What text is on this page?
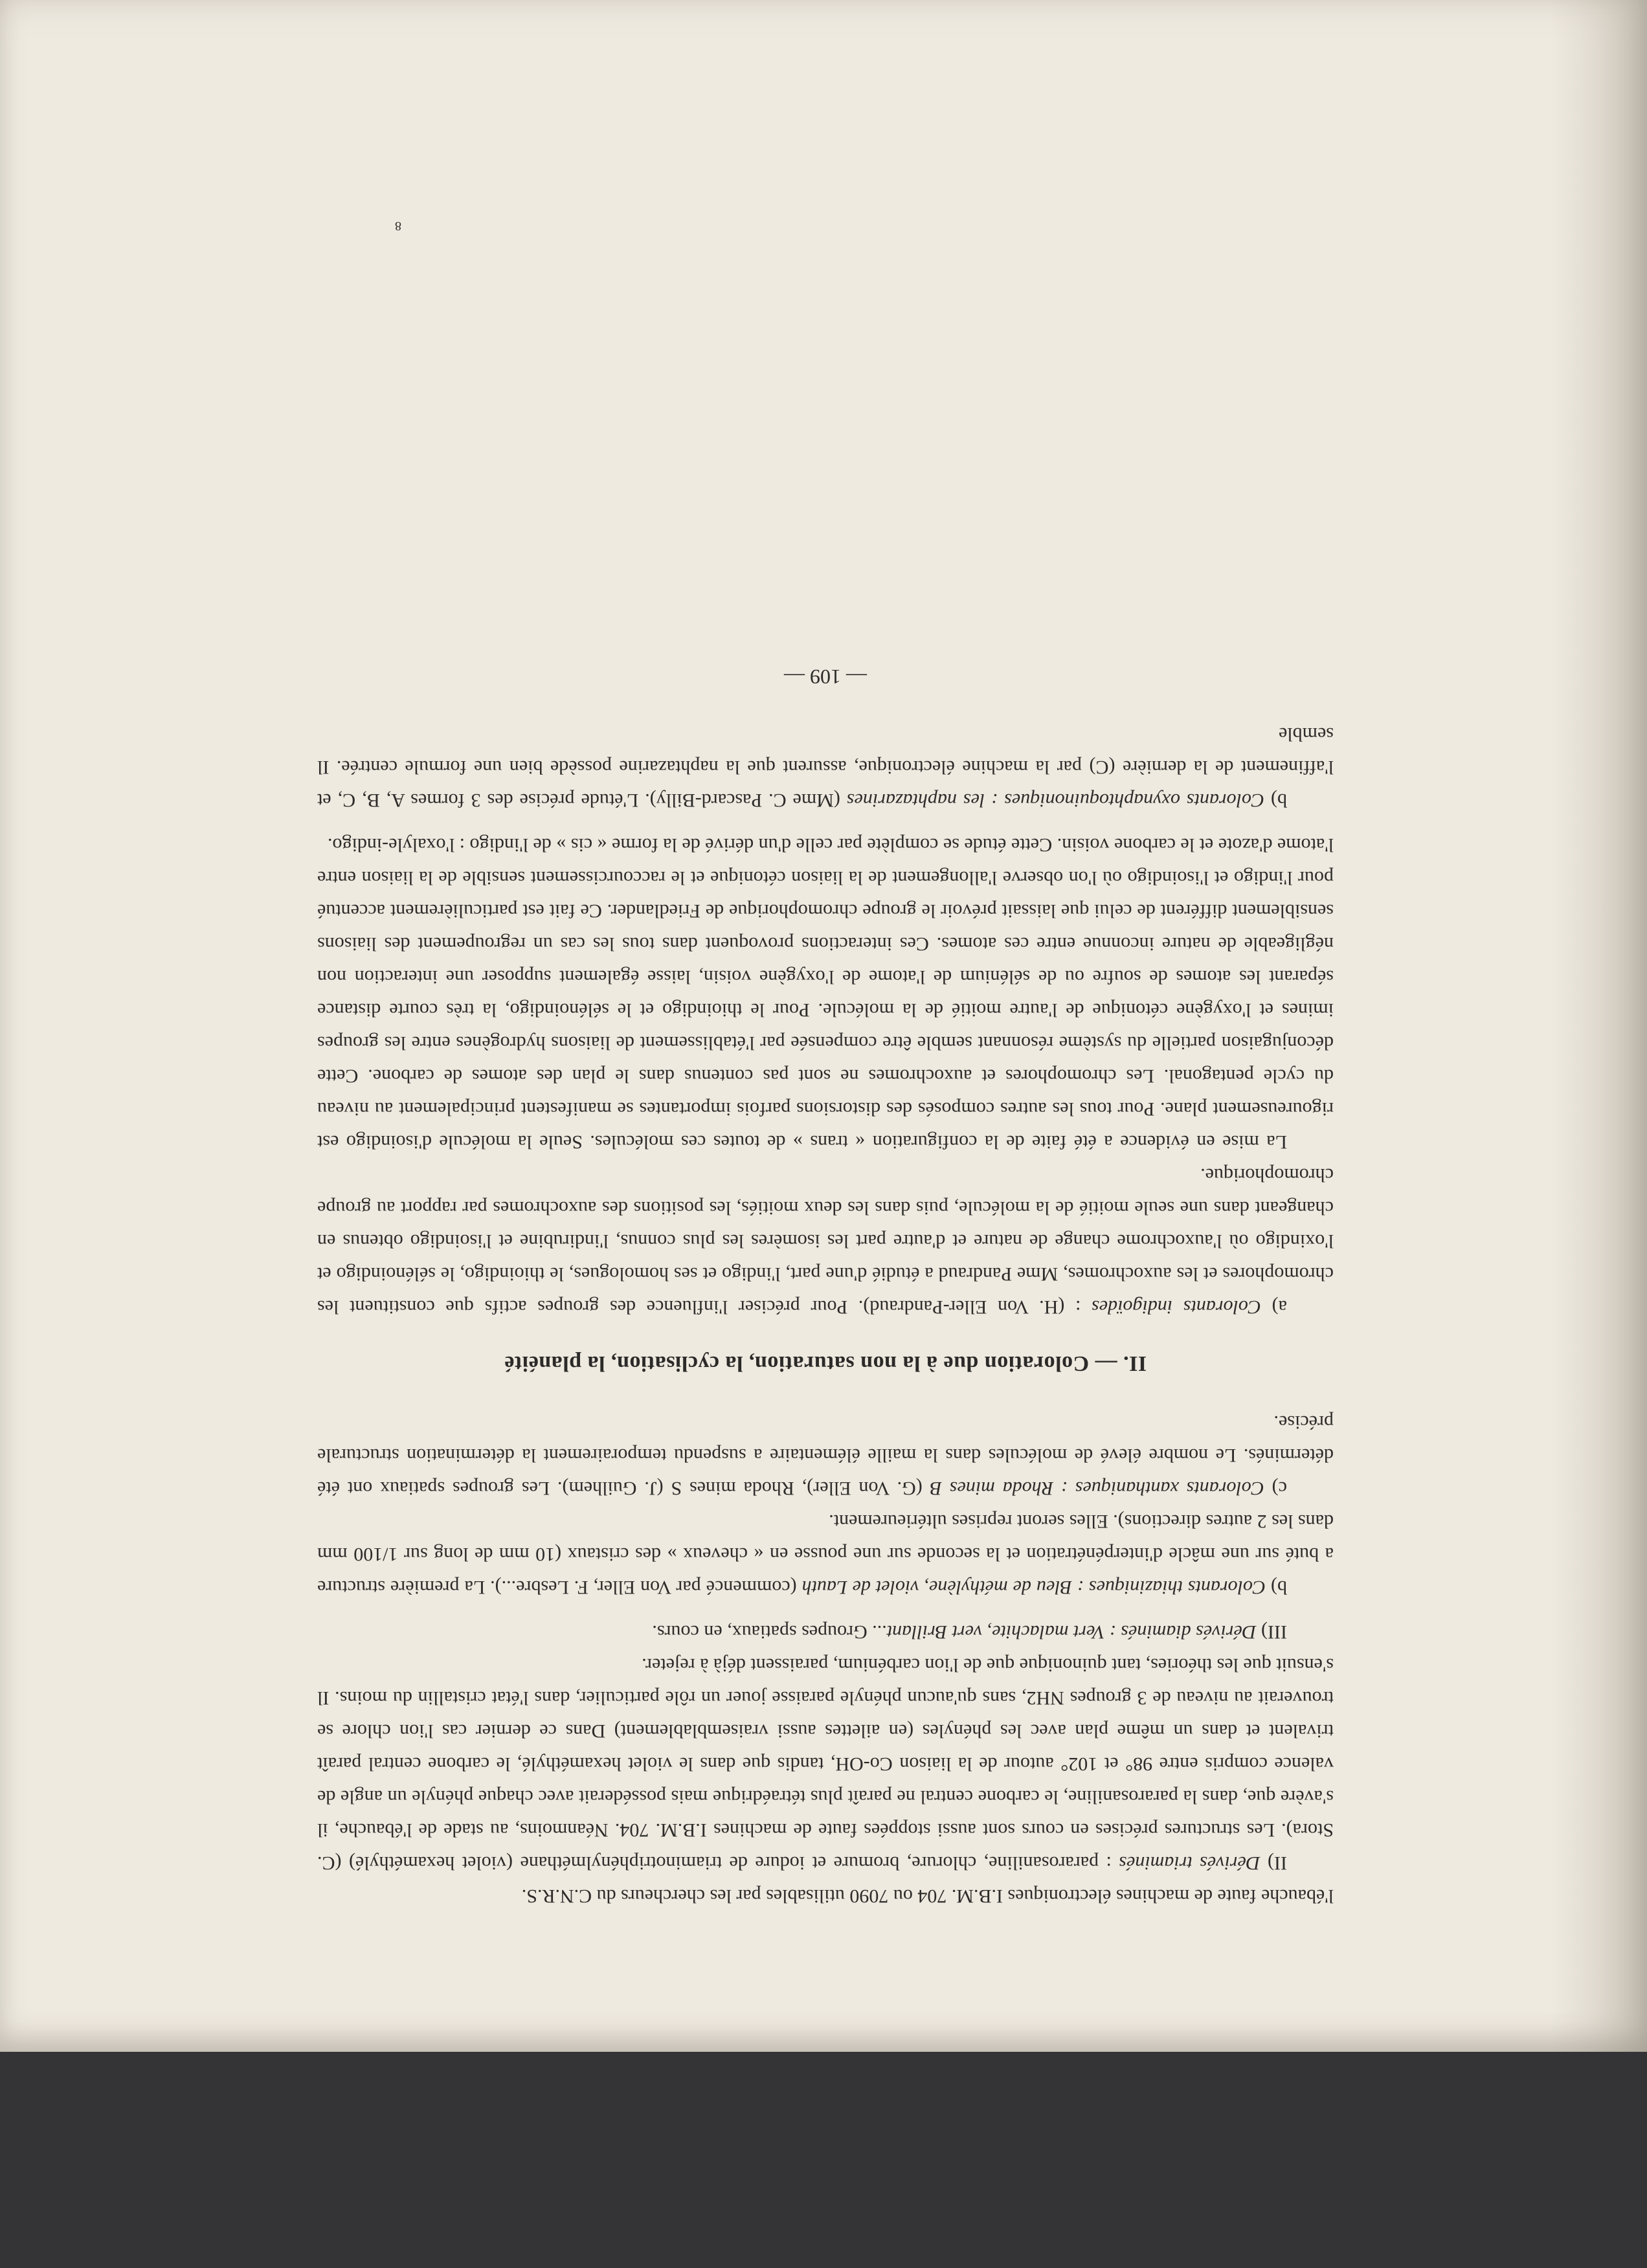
l'ébauche faute de machines électroniques I.B.M. 704 ou 7090 utilisables par les chercheurs du C.N.R.S.

II) Dérivés triaminés : pararosaniline, chlorure, bromure et iodure de triaminotriphénylméthane (violet hexaméthylé) (C. Stora). Les structures précises en cours sont aussi stoppées faute de machines I.B.M. 704. Néanmoins, au stade de l'ébauche, il s'avère que, dans la pararosaniline, le carbone central ne paraît plus tétraédrique mais posséderait avec chaque phényle un angle de valence compris entre 98° et 102° autour de la liaison Co-OH, tandis que dans le violet hexaméthylé, le carbone central paraît trivalent et dans un même plan avec les phényles (en ailettes aussi vraisemblablement) Dans ce dernier cas l'ion chlore se trouverait au niveau de 3 groupes NH2, sans qu'aucun phényle paraisse jouer un rôle particulier, dans l'état cristallin du moins. Il s'ensuit que les théories, tant quinonique que de l'ion carbénium, paraissent déjà à rejeter.

III) Dérivés diaminés : Vert malachite, vert Brillant... Groupes spatiaux, en cours.

b) Colorants thiaziniques : Bleu de méthylène, violet de Lauth (commencé par Von Eller, F. Lesbre...). La première structure a buté sur une mâcle d'interpénétration et la seconde sur une pousse en « cheveux » des cristaux (10 mm de long sur 1/100 mm dans les 2 autres directions). Elles seront reprises ultérieurement.

c) Colorants xanthaniques : Rhoda mines B (G. Von Eller), Rhoda mines S (J. Guilhem). Les groupes spatiaux ont été déterminés. Le nombre élevé de molécules dans la maille élémentaire a suspendu temporairement la détermination structurale précise.

II. — Coloration due à la non saturation, la cyclisation, la planéité

a) Colorants indigoïdes : (H. Von Eller-Pandraud). Pour préciser l'influence des groupes actifs que constituent les chromophores et les auxochromes, Mme Pandraud a étudié d'une part, l'indigo et ses homologues, le thioindigo, le sélénoindigo et l'oxindigo où l'auxochrome change de nature et d'autre part les isomères les plus connus, l'indirubine et l'isoindigo obtenus en changeant dans une seule moitié de la molécule, puis dans les deux moitiés, les positions des auxochromes par rapport au groupe chromophorique.

La mise en évidence a été faite de la configuration « trans » de toutes ces molécules. Seule la molécule d'isoindigo est rigoureusement plane. Pour tous les autres composés des distorsions parfois importantes se manifestent principalement au niveau du cycle pentagonal. Les chromophores et auxochromes ne sont pas contenus dans le plan des atomes de carbone. Cette déconjugaison partielle du système résonnant semble être compensée par l'établissement de liaisons hydrogènes entre les groupes imines et l'oxygène cétonique de l'autre moitié de la molécule. Pour le thioindigo et le sélénoindigo, la très courte distance séparant les atomes de soufre ou de sélénium de l'atome de l'oxygène voisin, laisse également supposer une interaction non négligeable de nature inconnue entre ces atomes. Ces interactions provoquent dans tous les cas un regroupement des liaisons sensiblement différent de celui que laissait prévoir le groupe chromophorique de Friedlander. Ce fait est particulièrement accentué pour l'indigo et l'isoindigo où l'on observe l'allongement de la liaison cétonique et le raccourcissement sensible de la liaison entre l'atome d'azote et le carbone voisin. Cette étude se complète par celle d'un dérivé de la forme « cis » de l'indigo : l'oxalyle-indigo.

b) Colorants oxynaphtoquinoniques : les naphtazarines (Mme C. Pascard-Billy). L'étude précise des 3 formes A, B, C, et l'affinement de la dernière (C) par la machine électronique, assurent que la naphtazarine possède bien une formule centrée. Il semble

— 109 —
8
